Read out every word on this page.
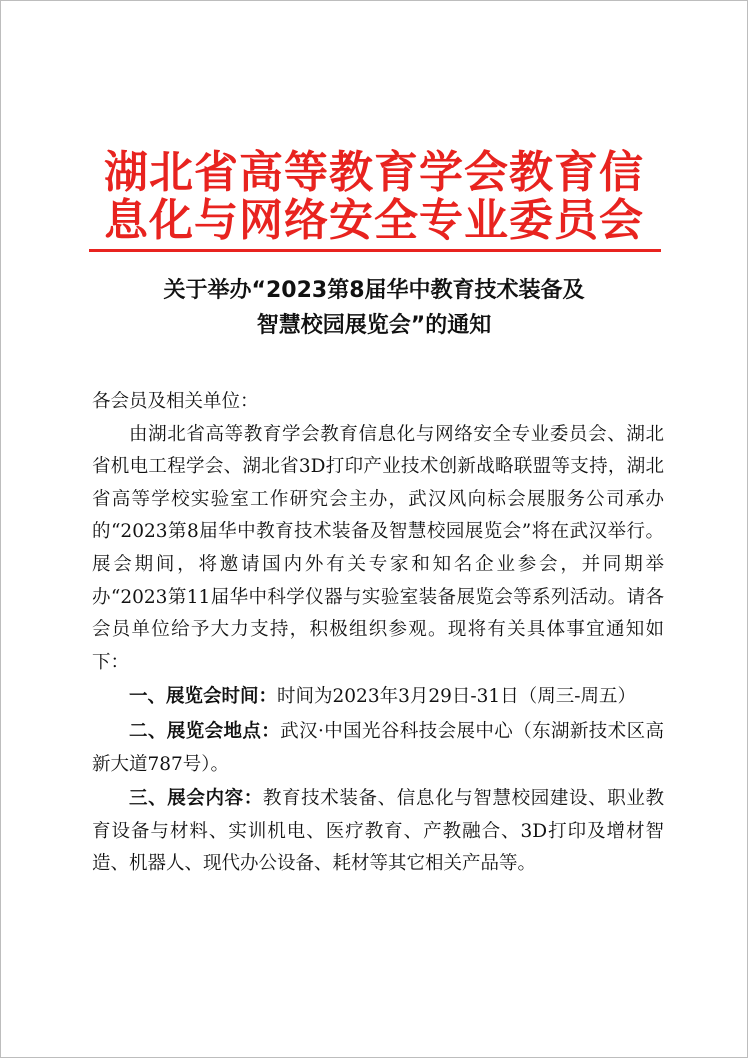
湖北省高等教育学会教育信
息化与网络安全专业委员会
关于举办“2023第8届华中教育技术装备及
智慧校园展览会”的通知

各会员及相关单位：

由湖北省高等教育学会教育信息化与网络安全专业委员会、湖北省机电工程学会、湖北省3D打印产业技术创新战略联盟等支持，湖北省高等学校实验室工作研究会主办，武汉风向标会展服务公司承办的“2023第8届华中教育技术装备及智慧校园展览会”将在武汉举行。展会期间，将邀请国内外有关专家和知名企业参会，并同期举办“2023第11届华中科学仪器与实验室装备展览会等系列活动。请各会员单位给予大力支持，积极组织参观。现将有关具体事宜通知如下：

一、展览会时间：时间为2023年3月29日-31日（周三-周五）

二、展览会地点：武汉·中国光谷科技会展中心（东湖新技术区高新大道787号）。

三、展会内容：教育技术装备、信息化与智慧校园建设、职业教育设备与材料、实训机电、医疗教育、产教融合、3D打印及增材智造、机器人、现代办公设备、耗材等其它相关产品等。
